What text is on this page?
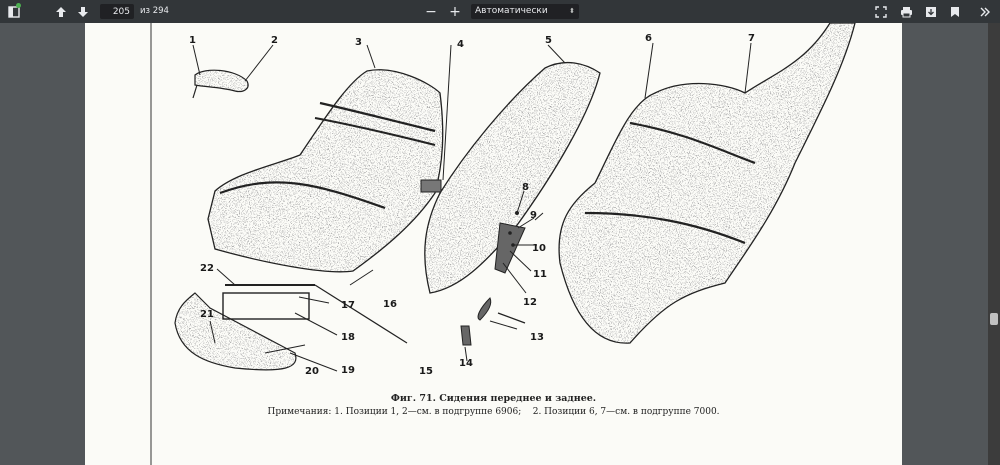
205
из 294	− +	Автоматически	⬍
1	2	3	4	5	6	7
8
9
10
11
12
13
14
15
16
17
18
19
20
21
22
Фиг. 71. Сидения переднее и заднее.
Примечания: 1. Позиции 1, 2—см. в подгруппе 6906;    2. Позиции 6, 7—см. в подгруппе 7000.
